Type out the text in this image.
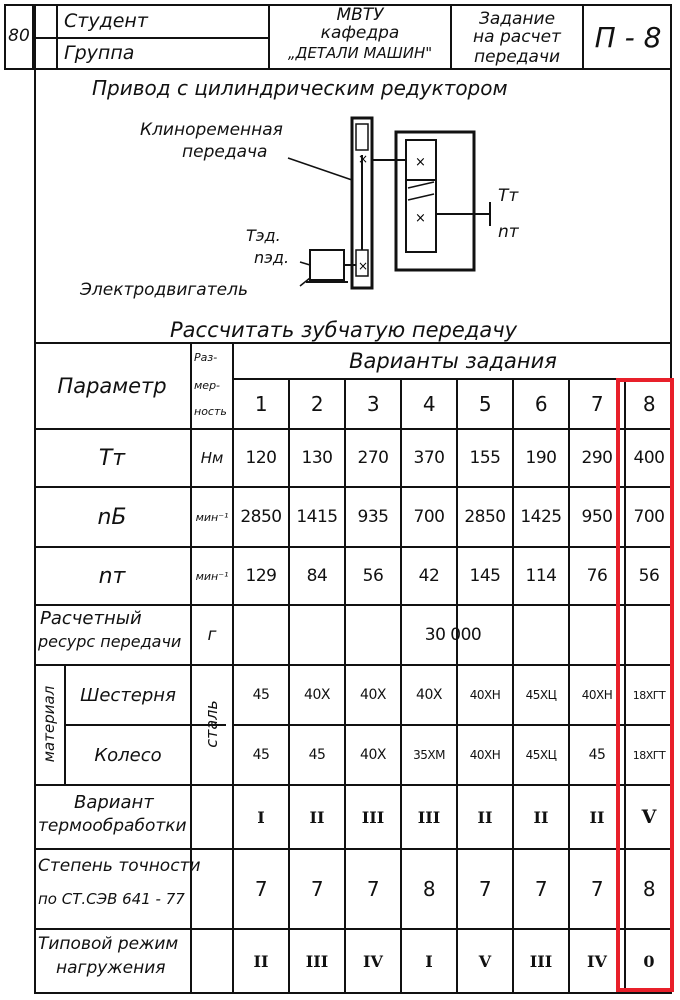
80
Студент
Группа
МВТУ
кафедра
„ДЕТАЛИ МАШИН"
Задание
на расчет
передачи
П - 8
Привод с цилиндрическим редуктором
×
×
×
×
Клиноременная
передача
Tэд.
nэд.
Электродвигатель
Tт
nт
Рассчитать зубчатую передачу
Параметр
Раз-
мер-
ность
Варианты задания
1	2	3	4	5	6	7	8
Tт	Нм	120	130	270	370	155	190	290	400
nБ	мин⁻¹ 2850 1415	935	700	2850 1425	950	700
nт	мин⁻¹	129	84	56	42	145	114	76	56
Расчетный
ресурс передачи	г	30 000
материал	сталь
Шестерня	45	40Х	40Х	40Х	40ХН	45ХЦ	40ХН	18ХГТ
Колесо	45	45	40Х	35ХМ	40ХН	45ХЦ	45	18ХГТ
Вариант
термообработки	I	II	III	III	II	II	II	V
Степень точности
по СТ.СЭВ 641 - 77	7	7	7	8	7	7	7	8
Типовой режим
нагружения	II	III	IV	I	V	III	IV	0
